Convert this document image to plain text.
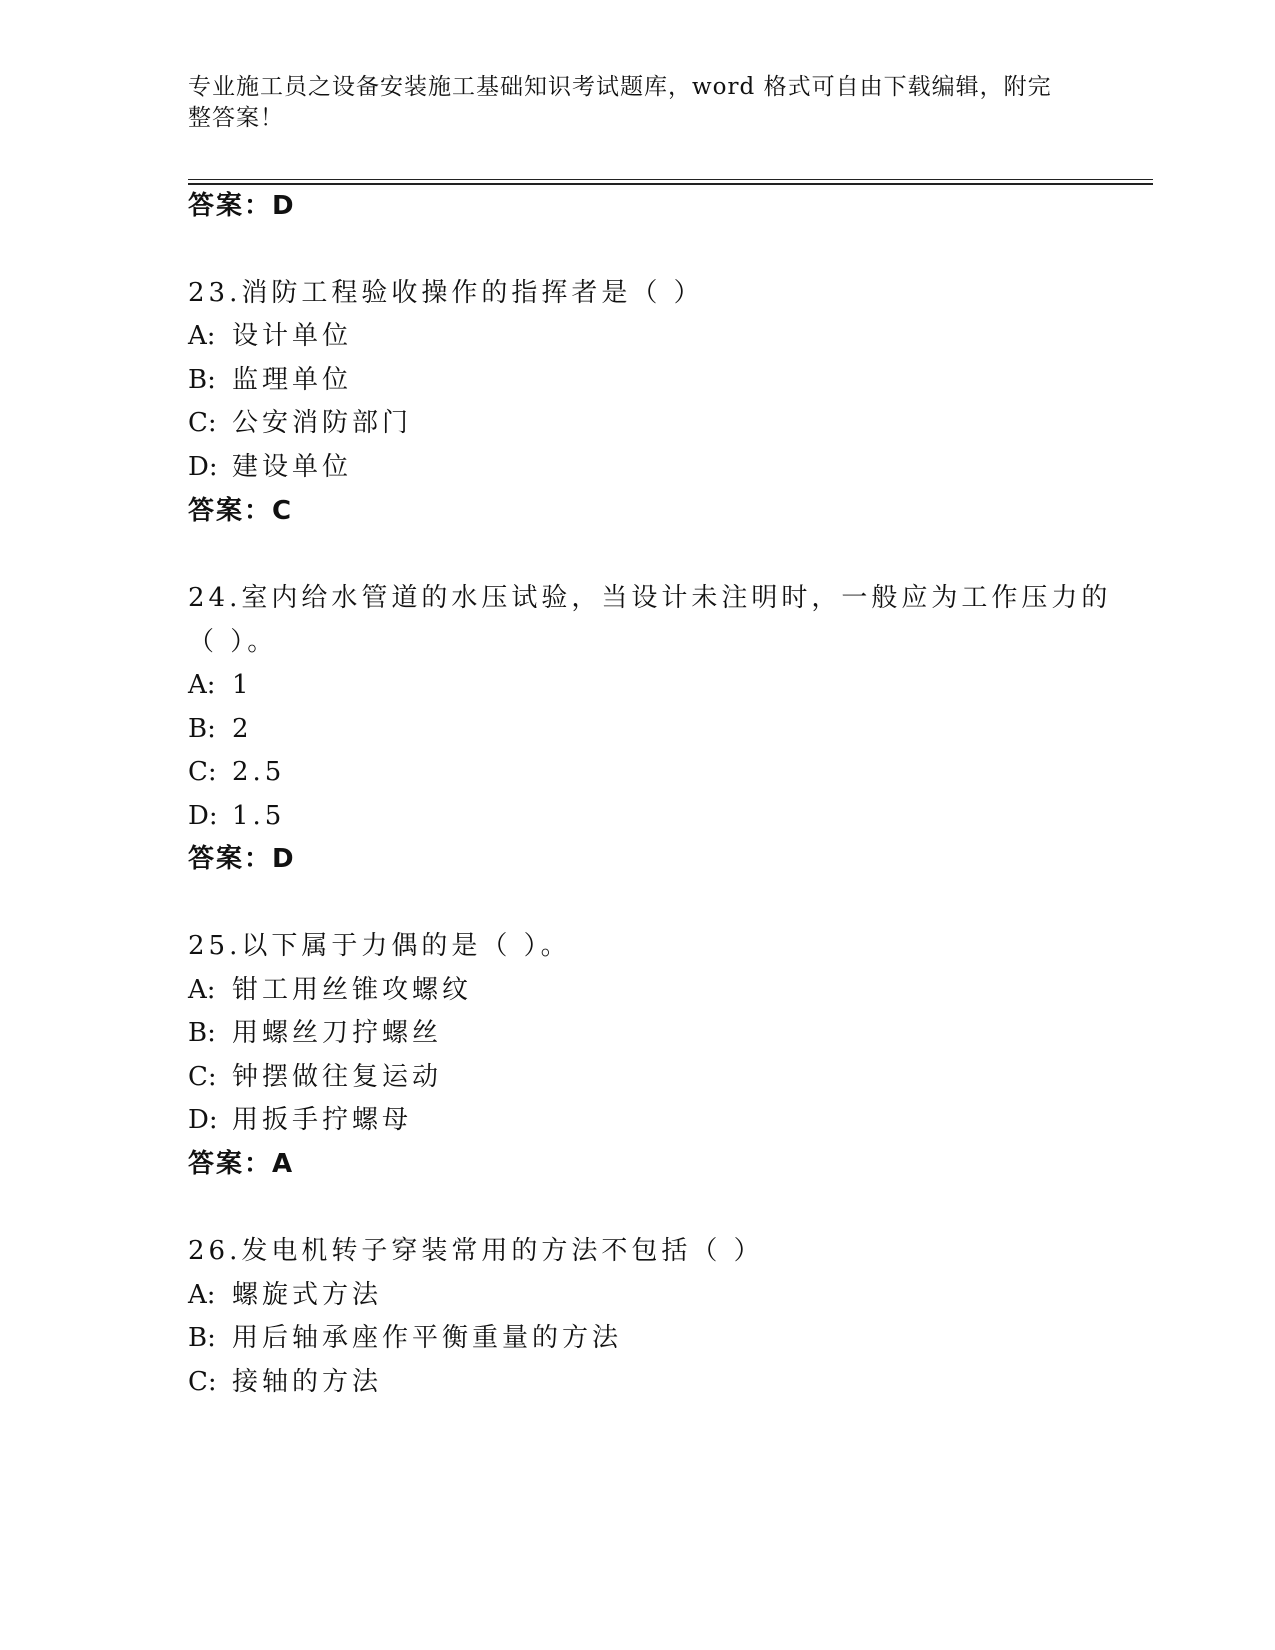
专业施工员之设备安装施工基础知识考试题库，word 格式可自由下载编辑，附完
整答案！
答案：D
23.消防工程验收操作的指挥者是（ ）
A: 设计单位
B: 监理单位
C: 公安消防部门
D: 建设单位
答案：C
24.室内给水管道的水压试验，当设计未注明时，一般应为工作压力的
（ ）。
A: 1
B: 2
C: 2.5
D: 1.5
答案：D
25.以下属于力偶的是（ ）。
A: 钳工用丝锥攻螺纹
B: 用螺丝刀拧螺丝
C: 钟摆做往复运动
D: 用扳手拧螺母
答案：A
26.发电机转子穿装常用的方法不包括（ ）
A: 螺旋式方法
B: 用后轴承座作平衡重量的方法
C: 接轴的方法
